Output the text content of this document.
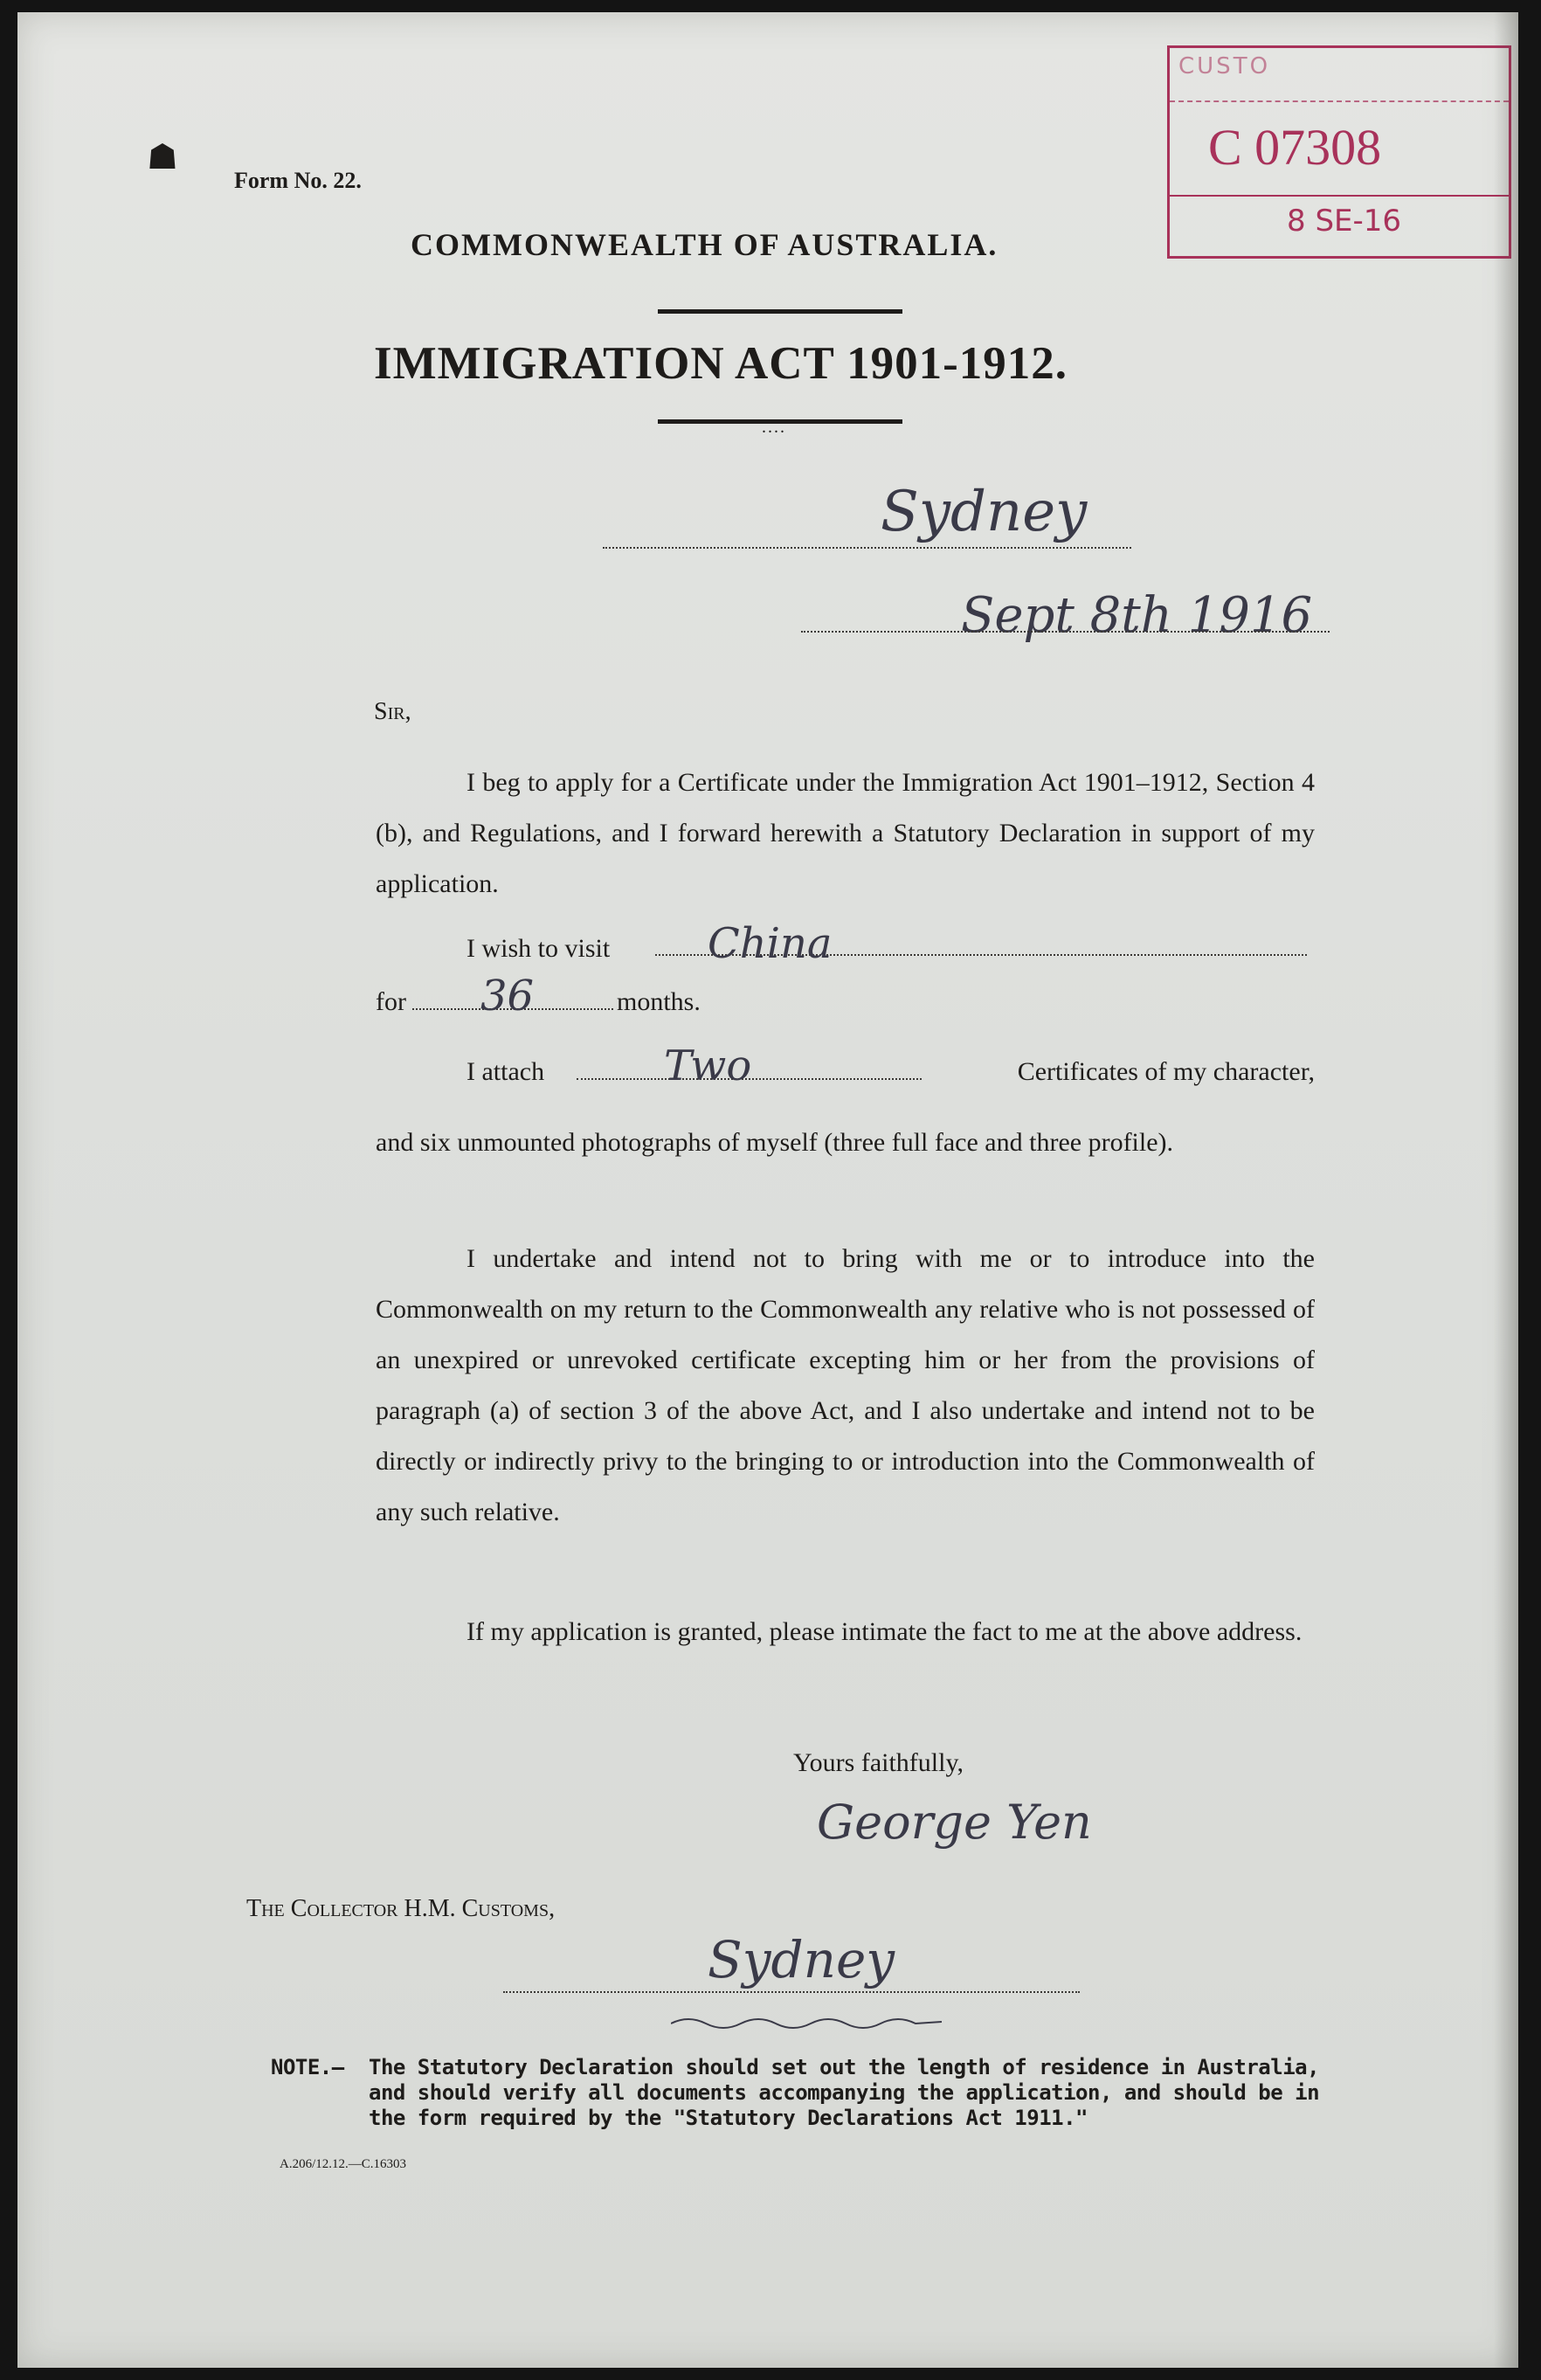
☗
Form No. 22.
COMMONWEALTH OF AUSTRALIA.
IMMIGRATION ACT 1901-1912.
....
CUSTO
C 07308
8 SE-16
Sydney
Sept 8th 1916
Sir,
I beg to apply for a Certificate under the Immigration Act 1901–1912, Section 4 (b), and Regulations, and I forward herewith a Statutory Declaration in support of my application.
I wish to visit China
for 36	months.
I attach	Two	Certificates of my character,
and six unmounted photographs of myself (three full face and three profile).
I undertake and intend not to bring with me or to introduce into the Commonwealth on my return to the Commonwealth any relative who is not possessed of an unexpired or unrevoked certificate excepting him or her from the provisions of paragraph (a) of section 3 of the above Act, and I also undertake and intend not to be directly or indirectly privy to the bringing to or introduction into the Commonwealth of any such relative.
If my application is granted, please intimate the fact to me at the above address.
Yours faithfully,
George Yen
The Collector H.M. Customs,
Sydney
NOTE.—	The Statutory Declaration should set out the length of residence in Australia, and should verify all documents accompanying the application, and should be in the form required by the "Statutory Declarations Act 1911."
A.206/12.12.—C.16303
